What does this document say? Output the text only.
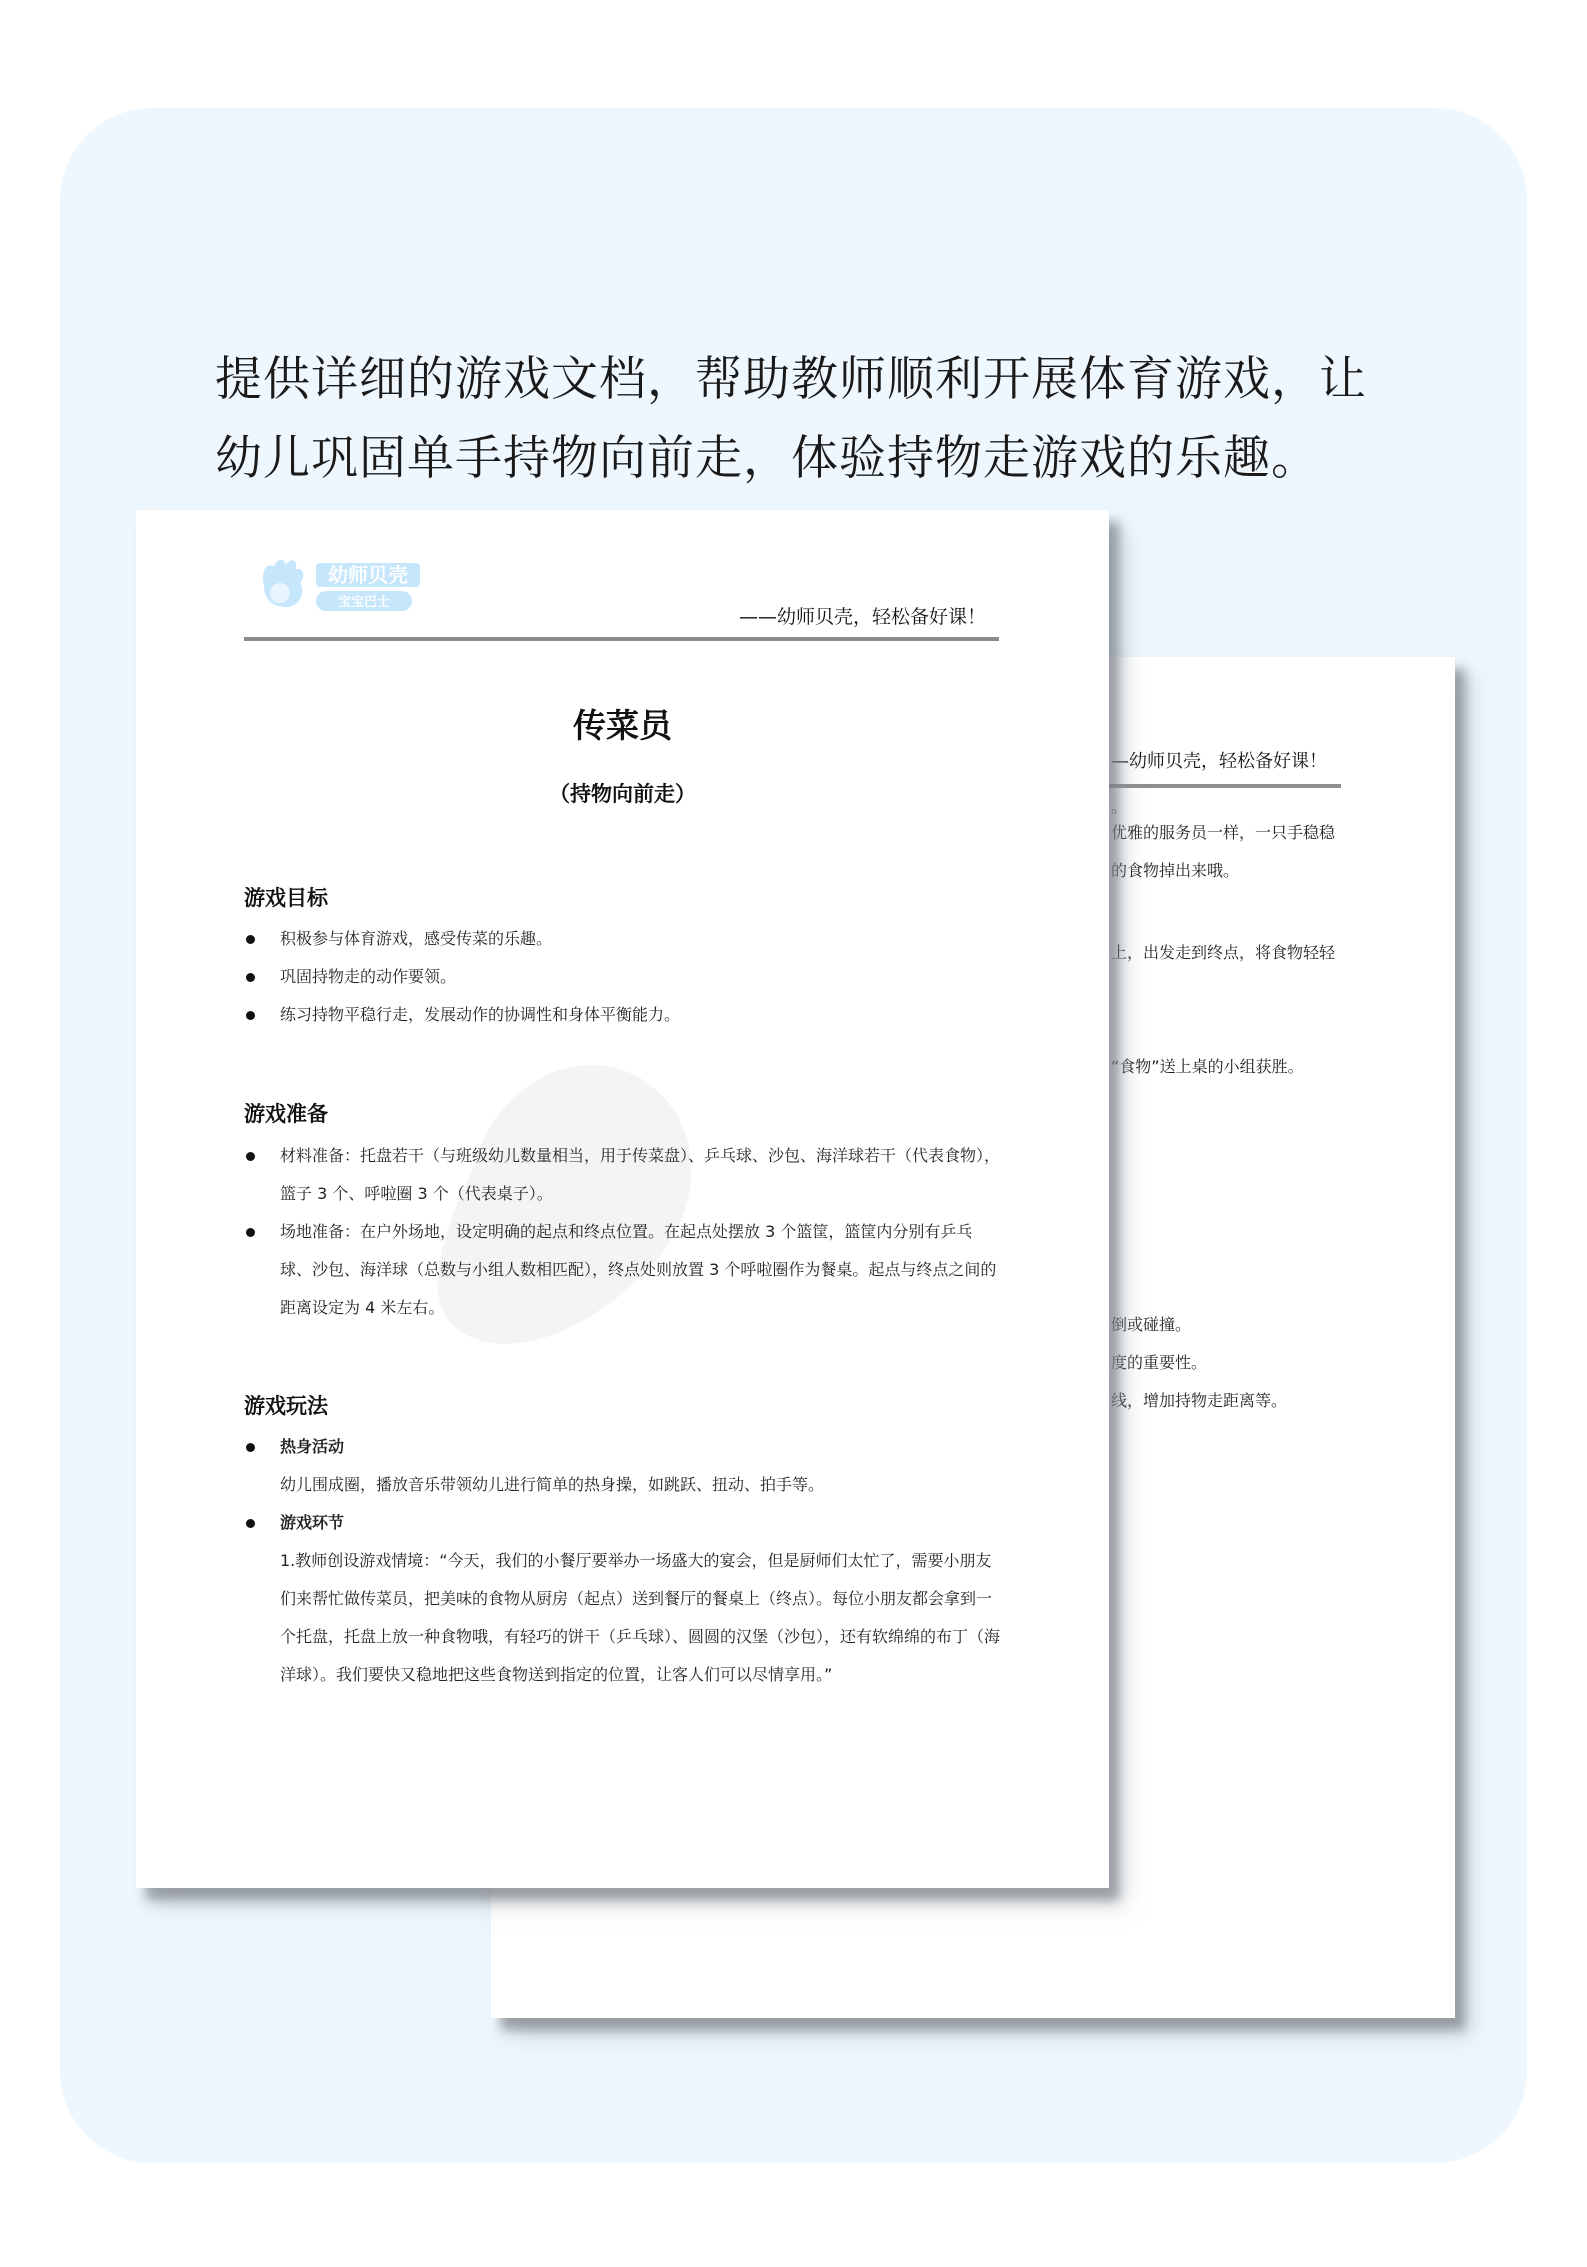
提供详细的游戏文档，帮助教师顺利开展体育游戏，让
幼儿巩固单手持物向前走，体验持物走游戏的乐趣。
—幼师贝壳，轻松备好课！
。
优雅的服务员一样，一只手稳稳
的食物掉出来哦。
上，出发走到终点，将食物轻轻
“食物”送上桌的小组获胜。
倒或碰撞。
度的重要性。
线，增加持物走距离等。
幼师贝壳
宝宝巴士
——幼师贝壳，轻松备好课！
传菜员
（持物向前走）
游戏目标
积极参与体育游戏，感受传菜的乐趣。
巩固持物走的动作要领。
练习持物平稳行走，发展动作的协调性和身体平衡能力。
游戏准备
材料准备：托盘若干（与班级幼儿数量相当，用于传菜盘）、乒乓球、沙包、海洋球若干（代表食物），篮子 3 个、呼啦圈 3 个（代表桌子）。
场地准备：在户外场地，设定明确的起点和终点位置。在起点处摆放 3 个篮筐，篮筐内分别有乒乓球、沙包、海洋球（总数与小组人数相匹配），终点处则放置 3 个呼啦圈作为餐桌。起点与终点之间的距离设定为 4 米左右。
游戏玩法
热身活动
幼儿围成圈，播放音乐带领幼儿进行简单的热身操，如跳跃、扭动、拍手等。
游戏环节
1.教师创设游戏情境：“今天，我们的小餐厅要举办一场盛大的宴会，但是厨师们太忙了，需要小朋友们来帮忙做传菜员，把美味的食物从厨房（起点）送到餐厅的餐桌上（终点）。每位小朋友都会拿到一个托盘，托盘上放一种食物哦，有轻巧的饼干（乒乓球）、圆圆的汉堡（沙包），还有软绵绵的布丁（海洋球）。我们要快又稳地把这些食物送到指定的位置，让客人们可以尽情享用。”
